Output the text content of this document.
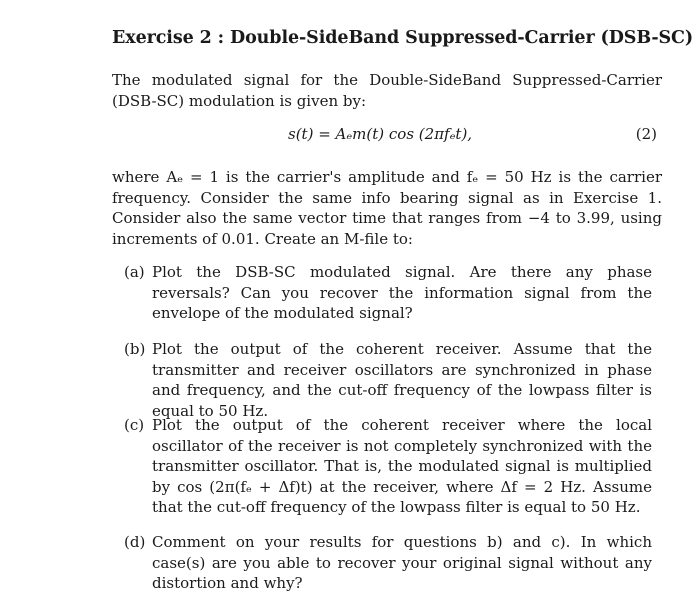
Exercise 2 : Double-SideBand Suppressed-Carrier (DSB-SC)
The modulated signal for the Double-SideBand Suppressed-Carrier (DSB-SC) modulation is given by:
s(t) = Aₑm(t) cos (2πfₑt),	(2)
where Aₑ = 1 is the carrier's amplitude and fₑ = 50 Hz is the carrier frequency. Consider the same info bearing signal as in Exercise 1. Consider also the same vector time that ranges from −4 to 3.99, using increments of 0.01. Create an M-file to:
(a) Plot the DSB-SC modulated signal. Are there any phase reversals? Can you recover the information signal from the envelope of the modulated signal?
(b) Plot the output of the coherent receiver. Assume that the transmitter and receiver oscillators are synchronized in phase and frequency, and the cut-off frequency of the lowpass filter is equal to 50 Hz.
(c) Plot the output of the coherent receiver where the local oscillator of the receiver is not completely synchronized with the transmitter oscillator. That is, the modulated signal is multiplied by cos (2π(fₑ + Δf)t) at the receiver, where Δf = 2 Hz. Assume that the cut-off frequency of the lowpass filter is equal to 50 Hz.
(d) Comment on your results for questions b) and c). In which case(s) are you able to recover your original signal without any distortion and why?
